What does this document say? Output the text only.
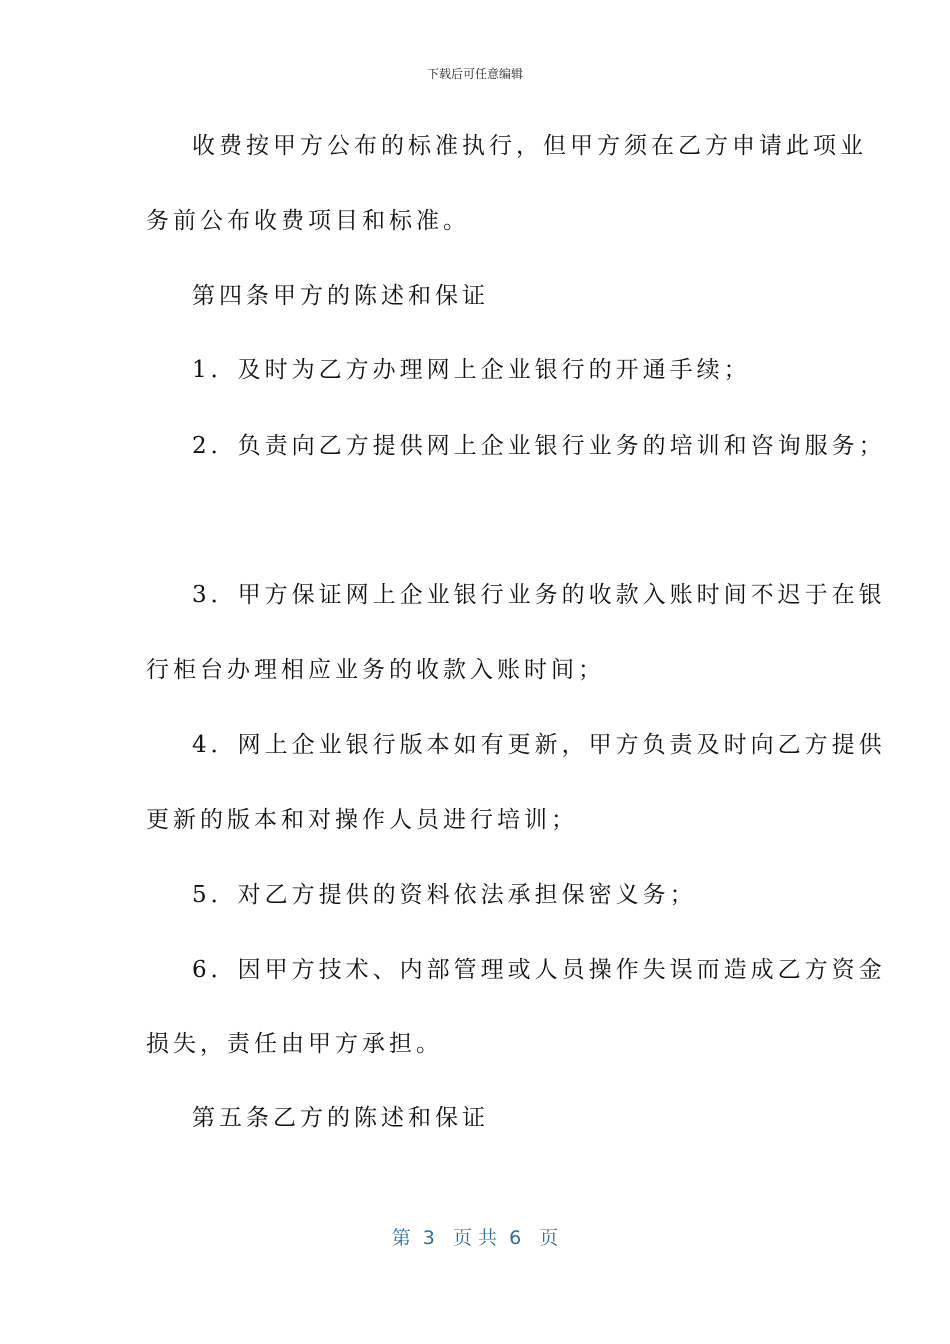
下载后可任意编辑
收费按甲方公布的标准执行，但甲方须在乙方申请此项业
务前公布收费项目和标准。
第四条甲方的陈述和保证
1．及时为乙方办理网上企业银行的开通手续；
2．负责向乙方提供网上企业银行业务的培训和咨询服务；
3．甲方保证网上企业银行业务的收款入账时间不迟于在银
行柜台办理相应业务的收款入账时间；
4．网上企业银行版本如有更新，甲方负责及时向乙方提供
更新的版本和对操作人员进行培训；
5．对乙方提供的资料依法承担保密义务；
6．因甲方技术、内部管理或人员操作失误而造成乙方资金
损失，责任由甲方承担。
第五条乙方的陈述和保证
第  3   页 共  6   页
